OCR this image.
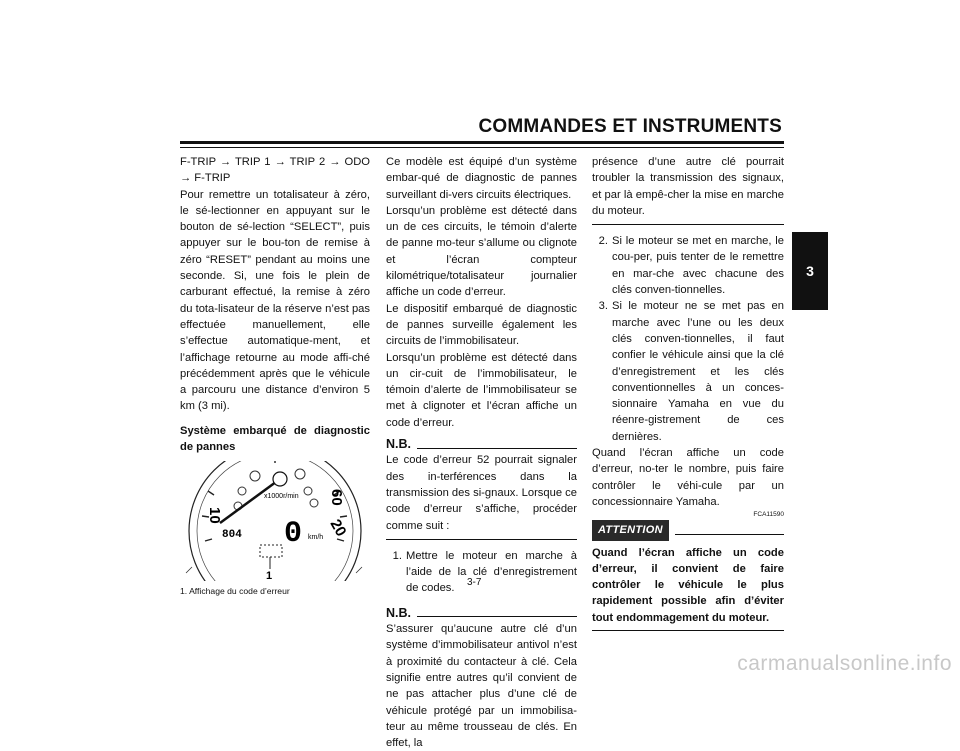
COMMANDES ET INSTRUMENTS
3

F-TRIP → TRIP 1 → TRIP 2 → ODO → F-TRIP

Pour remettre un totalisateur à zéro, le sé-lectionner en appuyant sur le bouton de sé-lection “SELECT”, puis appuyer sur le bou-ton de remise à zéro “RESET” pendant au moins une seconde. Si, une fois le plein de carburant effectué, la remise à zéro du tota-lisateur de la réserve n’est pas effectuée manuellement, elle s’effectue automatique-ment, et l’affichage retourne au mode affi-ché précédemment après que le véhicule a parcouru une distance d’environ 5 km (3 mi).

Système embarqué de diagnostic de pannes

10
60
20
x1000r/min
804 0 km/h
1
1. Affichage du code d’erreur

Ce modèle est équipé d’un système embar-qué de diagnostic de pannes surveillant di-vers circuits électriques.

Lorsqu’un problème est détecté dans un de ces circuits, le témoin d’alerte de panne mo-teur s’allume ou clignote et l’écran compteur kilométrique/totalisateur journalier affiche un code d’erreur.

Le dispositif embarqué de diagnostic de pannes surveille également les circuits de l’immobilisateur.

Lorsqu’un problème est détecté dans un cir-cuit de l’immobilisateur, le témoin d’alerte de l’immobilisateur se met à clignoter et l’écran affiche un code d’erreur.

N.B.

Le code d’erreur 52 pourrait signaler des in-terférences dans la transmission des si-gnaux. Lorsque ce code d’erreur s’affiche, procéder comme suit :

1. Mettre le moteur en marche à l’aide de la clé d’enregistrement de codes.
N.B.

S’assurer qu’aucune autre clé d’un système d’immobilisateur antivol n’est à proximité du contacteur à clé. Cela signifie entre autres qu’il convient de ne pas attacher plus d’une clé de véhicule protégé par un immobilisa-teur au même trousseau de clés. En effet, la

présence d’une autre clé pourrait troubler la transmission des signaux, et par là empê-cher la mise en marche du moteur.

2. Si le moteur se met en marche, le cou-per, puis tenter de le remettre en mar-che avec chacune des clés conven-tionnelles.
3. Si le moteur ne se met pas en marche avec l’une ou les deux clés conven-tionnelles, il faut confier le véhicule ainsi que la clé d’enregistrement et les clés conventionnelles à un conces-sionnaire Yamaha en vue du réenre-gistrement de ces dernières.

Quand l’écran affiche un code d’erreur, no-ter le nombre, puis faire contrôler le véhi-cule par un concessionnaire Yamaha.

FCA11590
ATTENTION

Quand l’écran affiche un code d’erreur, il convient de faire contrôler le véhicule le plus rapidement possible afin d’éviter tout endommagement du moteur.

3-7
carmanualsonline.info
